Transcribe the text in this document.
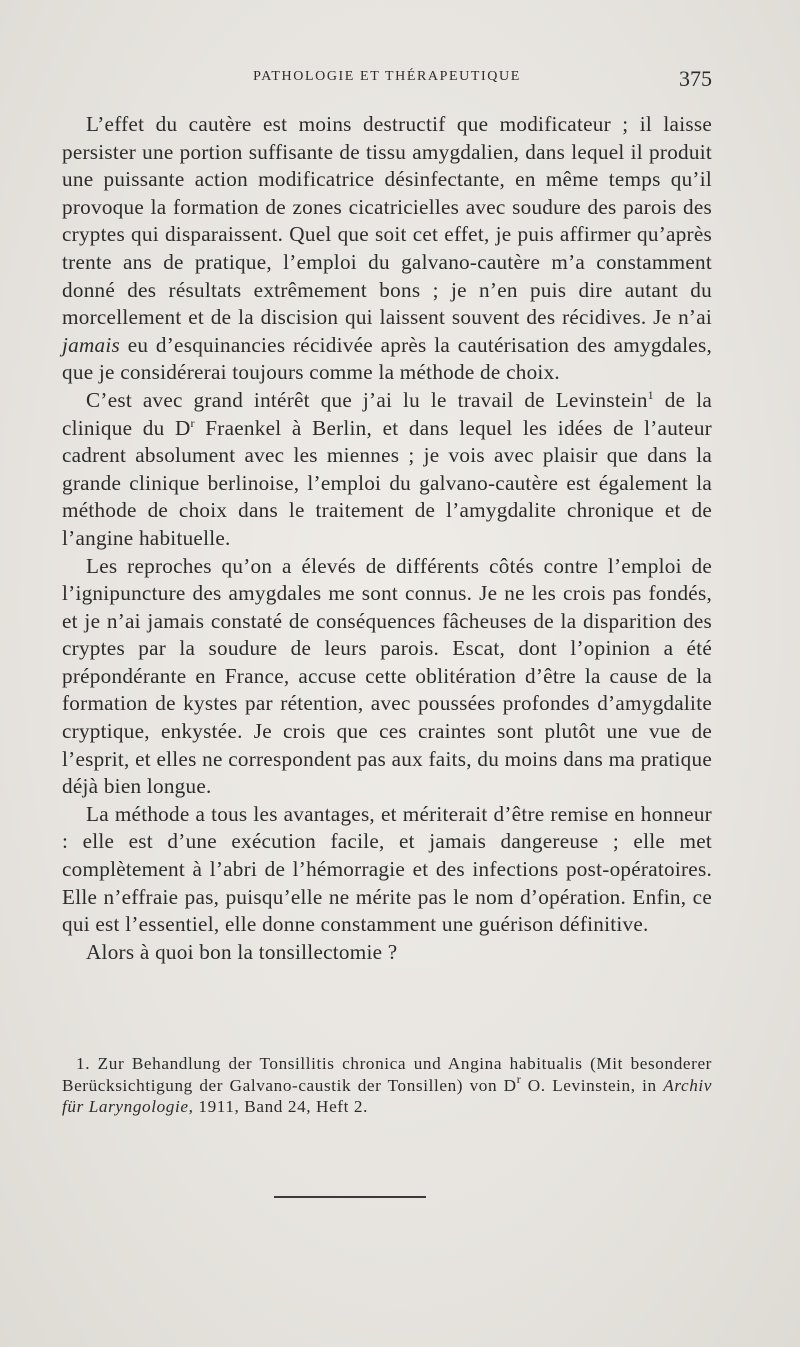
PATHOLOGIE ET THÉRAPEUTIQUE	375

L’effet du cautère est moins destructif que modificateur ; il laisse persister une portion suffisante de tissu amygdalien, dans lequel il produit une puissante action modificatrice désinfectante, en même temps qu’il provoque la formation de zones cicatricielles avec soudure des parois des cryptes qui disparaissent. Quel que soit cet effet, je puis affirmer qu’après trente ans de pratique, l’emploi du galvano-cautère m’a constamment donné des résultats extrêmement bons ; je n’en puis dire autant du morcellement et de la discision qui laissent souvent des récidives. Je n’ai jamais eu d’esquinancies récidivée après la cautérisation des amygdales, que je considérerai toujours comme la méthode de choix.

C’est avec grand intérêt que j’ai lu le travail de Levinstein$^1$ de la clinique du $D^r$ Fraenkel à Berlin, et dans lequel les idées de l’auteur cadrent absolument avec les miennes ; je vois avec plaisir que dans la grande clinique berlinoise, l’emploi du galvano-cautère est également la méthode de choix dans le traitement de l’amygdalite chronique et de l’angine habituelle.

Les reproches qu’on a élevés de différents côtés contre l’emploi de l’ignipuncture des amygdales me sont connus. Je ne les crois pas fondés, et je n’ai jamais constaté de conséquences fâcheuses de la disparition des cryptes par la soudure de leurs parois. Escat, dont l’opinion a été prépondérante en France, accuse cette oblitération d’être la cause de la formation de kystes par rétention, avec poussées profondes d’amygdalite cryptique, enkystée. Je crois que ces craintes sont plutôt une vue de l’esprit, et elles ne correspondent pas aux faits, du moins dans ma pratique déjà bien longue.

La méthode a tous les avantages, et mériterait d’être remise en honneur : elle est d’une exécution facile, et jamais dangereuse ; elle met complètement à l’abri de l’hémorragie et des infections post-opératoires. Elle n’effraie pas, puisqu’elle ne mérite pas le nom d’opération. Enfin, ce qui est l’essentiel, elle donne constamment une guérison définitive.

Alors à quoi bon la tonsillectomie ?

1. Zur Behandlung der Tonsillitis chronica und Angina habitualis (Mit besonderer Berücksichtigung der Galvano-caustik der Tonsillen) von $D^r$ O. Levinstein, in Archiv für Laryngologie, 1911, Band 24, Heft 2.
